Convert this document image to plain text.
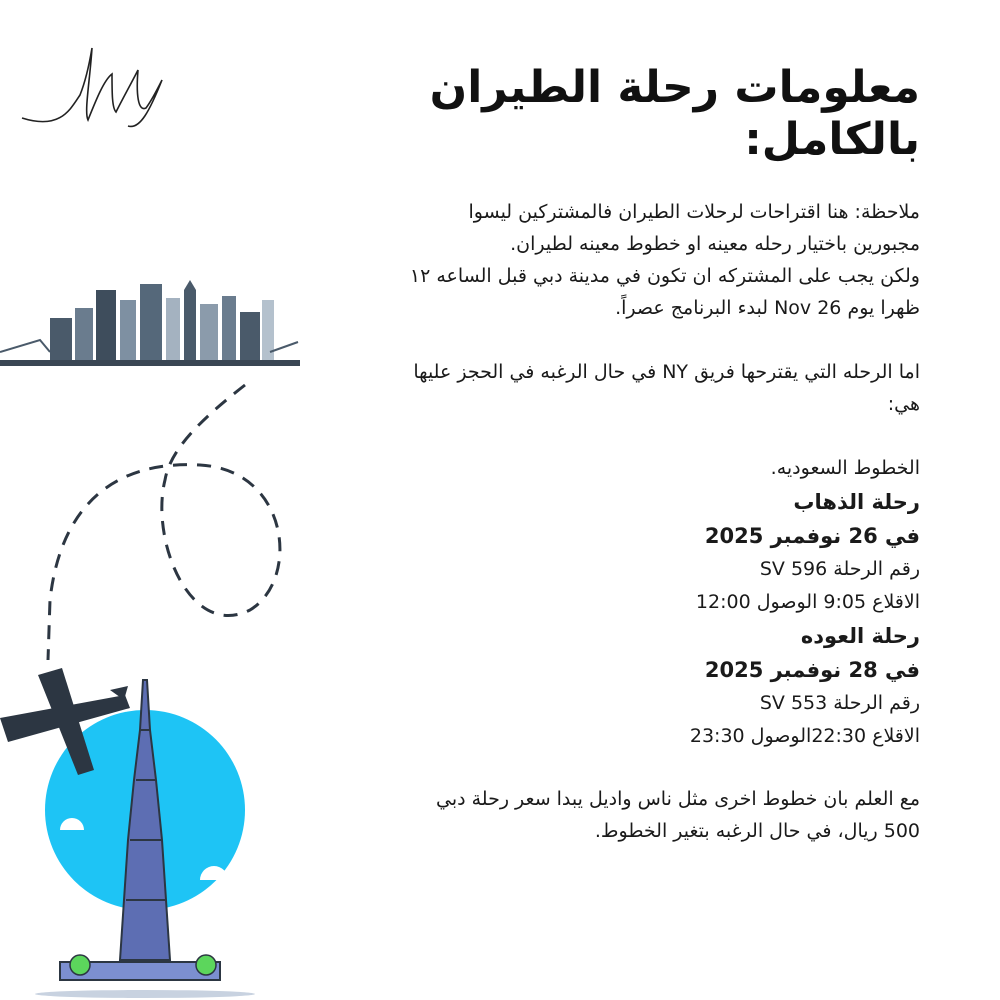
معلومات رحلة الطيران بالكامل:

ملاحظة: هنا اقتراحات لرحلات الطيران فالمشتركين ليسوا مجبورين باختيار رحله معينه او خطوط معينه لطيران.

ولكن يجب على المشتركه ان تكون في مدينة دبي قبل الساعه ١٢ ظهرا يوم 26 Nov لبدء البرنامج عصراً.

اما الرحله التي يقترحها فريق NY في حال الرغبه في الحجز عليها هي:

الخطوط السعوديه.

رحلة الذهاب

في 26 نوفمبر 2025

رقم الرحلة SV 596

الاقلاع 9:05 الوصول 12:00

رحلة العوده

في 28 نوفمبر 2025

رقم الرحلة SV 553

الاقلاع 22:30الوصول 23:30

مع العلم بان خطوط اخرى مثل ناس واديل يبدا سعر رحلة دبي 500 ريال، في حال الرغبه بتغير الخطوط.
